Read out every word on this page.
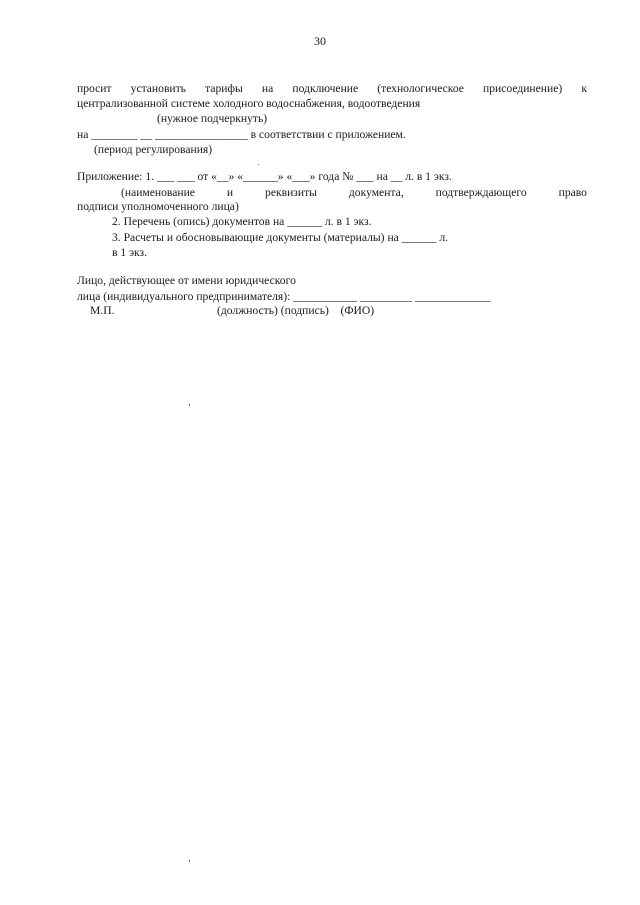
30
просит установить тарифы на подключение (технологическое присоединение) к
централизованной системе холодного водоснабжения, водоотведения
(нужное подчеркнуть)
на ________ __ ________________ в соответствии с приложением.
(период регулирования)
Приложение: 1. ___ ___ от «__» «______» «___» года № ___ на __ л. в 1 экз.
(наименование	и	реквизиты	документа,	подтверждающего	право
подписи уполномоченного лица)
2. Перечень (опись) документов на ______ л. в 1 экз.
3. Расчеты и обосновывающие документы (материалы) на ______ л.
в 1 экз.
Лицо, действующее от имени юридического
лица (индивидуального предпринимателя): ___________ _________ _____________
М.П.	(должность) (подпись)    (ФИО)
